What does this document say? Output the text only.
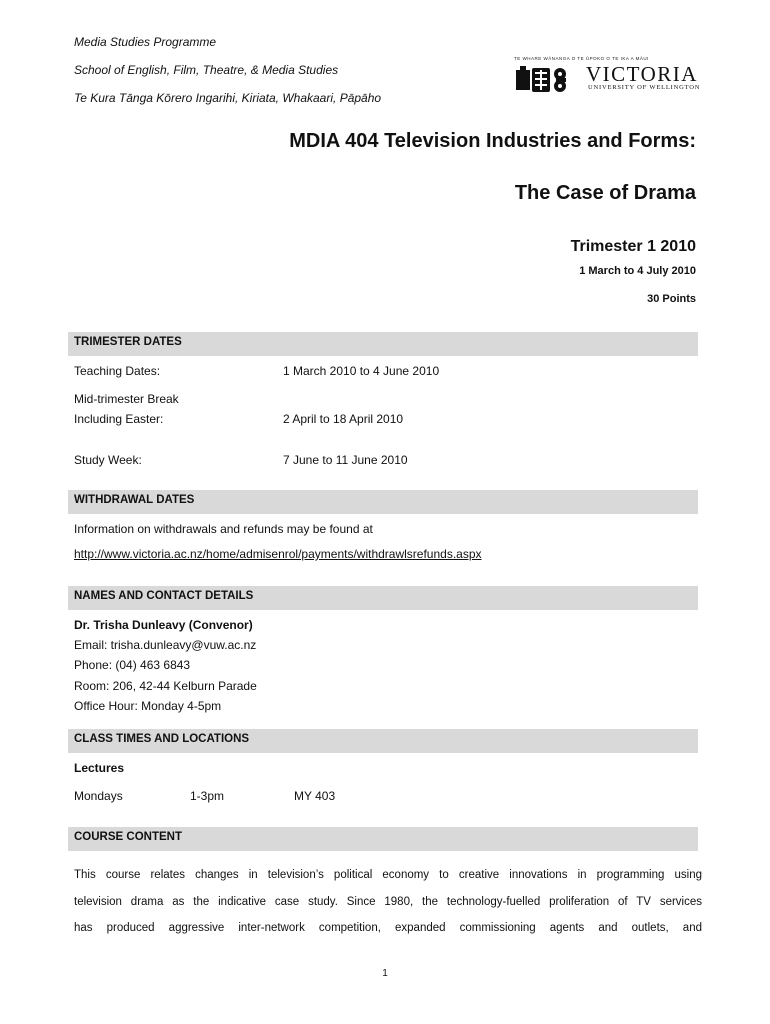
Media Studies Programme
School of English, Film, Theatre, & Media Studies
Te Kura Tānga Kōrero Ingarihi, Kiriata, Whakaari, Pāpāho
TE WHARE WĀNANGA O TE ŪPOKO O TE IKA A MĀUI
VICTORIA
UNIVERSITY OF WELLINGTON
MDIA 404 Television Industries and Forms:
The Case of Drama
Trimester 1 2010
1 March to 4 July 2010
30 Points
TRIMESTER DATES
Teaching Dates:	1 March 2010 to 4 June 2010
Mid-trimester Break
Including Easter:	2 April to 18 April 2010
Study Week:	7 June to 11 June 2010
WITHDRAWAL DATES
Information on withdrawals and refunds may be found at
http://www.victoria.ac.nz/home/admisenrol/payments/withdrawlsrefunds.aspx
NAMES AND CONTACT DETAILS
Dr. Trisha Dunleavy (Convenor)
Email: trisha.dunleavy@vuw.ac.nz
Phone: (04) 463 6843
Room: 206, 42-44 Kelburn Parade
Office Hour: Monday 4-5pm
CLASS TIMES AND LOCATIONS
Lectures
Mondays	1-3pm	MY 403
COURSE CONTENT
This course relates changes in television’s political economy to creative innovations in programming using
television drama as the indicative case study. Since 1980, the technology-fuelled proliferation of TV services
has produced aggressive inter-network competition, expanded commissioning agents and outlets, and
1
